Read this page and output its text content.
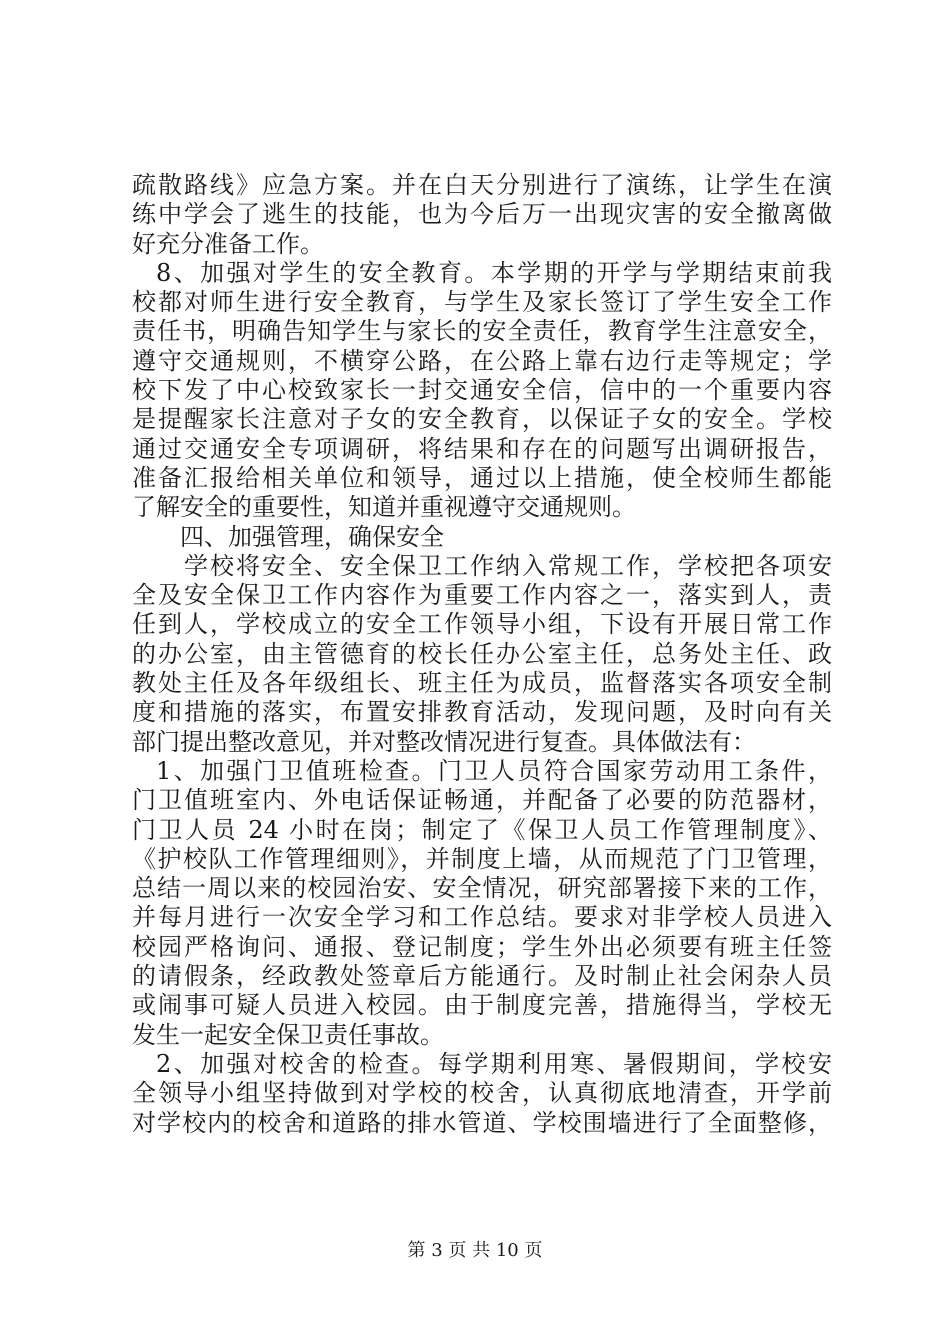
疏散路线》应急方案。并在白天分别进行了演练，让学生在演
练中学会了逃生的技能，也为今后万一出现灾害的安全撤离做
好充分准备工作。
8、加强对学生的安全教育。本学期的开学与学期结束前我
校都对师生进行安全教育，与学生及家长签订了学生安全工作
责任书，明确告知学生与家长的安全责任，教育学生注意安全，
遵守交通规则，不横穿公路，在公路上靠右边行走等规定；学
校下发了中心校致家长一封交通安全信，信中的一个重要内容
是提醒家长注意对子女的安全教育，以保证子女的安全。学校
通过交通安全专项调研，将结果和存在的问题写出调研报告，
准备汇报给相关单位和领导，通过以上措施，使全校师生都能
了解安全的重要性，知道并重视遵守交通规则。
四、加强管理，确保安全
学校将安全、安全保卫工作纳入常规工作，学校把各项安
全及安全保卫工作内容作为重要工作内容之一，落实到人，责
任到人，学校成立的安全工作领导小组，下设有开展日常工作
的办公室，由主管德育的校长任办公室主任，总务处主任、政
教处主任及各年级组长、班主任为成员，监督落实各项安全制
度和措施的落实，布置安排教育活动，发现问题，及时向有关
部门提出整改意见，并对整改情况进行复查。具体做法有：
1、加强门卫值班检查。门卫人员符合国家劳动用工条件，
门卫值班室内、外电话保证畅通，并配备了必要的防范器材，
门卫人员 24 小时在岗；制定了《保卫人员工作管理制度》、
《护校队工作管理细则》，并制度上墙，从而规范了门卫管理，
总结一周以来的校园治安、安全情况，研究部署接下来的工作，
并每月进行一次安全学习和工作总结。要求对非学校人员进入
校园严格询问、通报、登记制度；学生外出必须要有班主任签
的请假条，经政教处签章后方能通行。及时制止社会闲杂人员
或闹事可疑人员进入校园。由于制度完善，措施得当，学校无
发生一起安全保卫责任事故。
2、加强对校舍的检查。每学期利用寒、暑假期间，学校安
全领导小组坚持做到对学校的校舍，认真彻底地清查，开学前
对学校内的校舍和道路的排水管道、学校围墙进行了全面整修，
第 3 页 共 10 页
